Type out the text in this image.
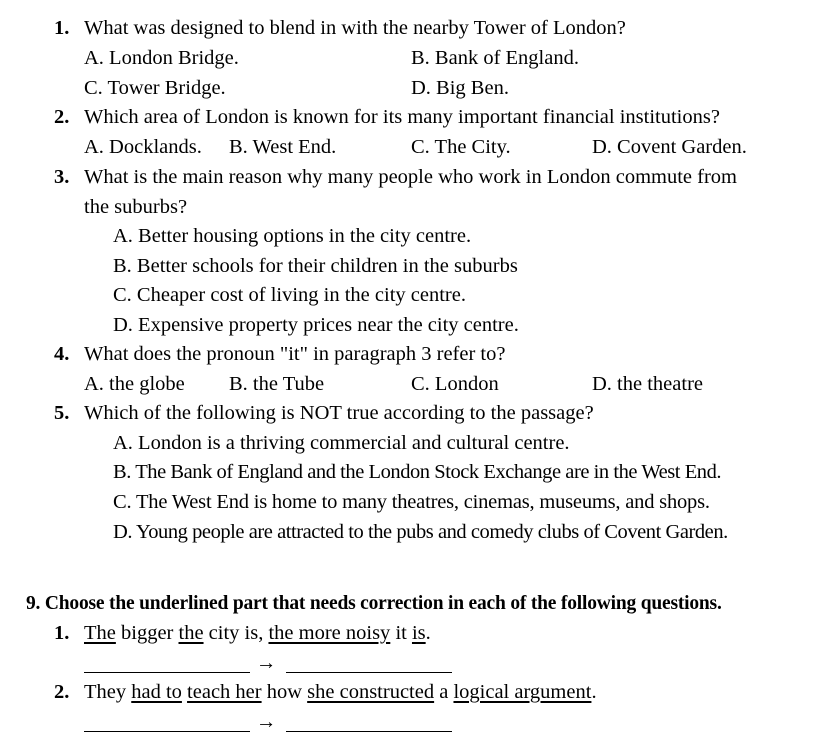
1. What was designed to blend in with the nearby Tower of London?
A. London Bridge.	B. Bank of England.
C. Tower Bridge.	D. Big Ben.
2. Which area of London is known for its many important financial institutions?
A. Docklands. B. West End.	C. The City.	D. Covent Garden.
3. What is the main reason why many people who work in London commute from
the suburbs?
A. Better housing options in the city centre.
B. Better schools for their children in the suburbs
C. Cheaper cost of living in the city centre.
D. Expensive property prices near the city centre.
4. What does the pronoun "it" in paragraph 3 refer to?
A. the globe B. the Tube	C. London	D. the theatre
5. Which of the following is NOT true according to the passage?
A. London is a thriving commercial and cultural centre.
B. The Bank of England and the London Stock Exchange are in the West End.
C. The West End is home to many theatres, cinemas, museums, and shops.
D. Young people are attracted to the pubs and comedy clubs of Covent Garden.
9. Choose the underlined part that needs correction in each of the following questions.
1. The bigger the city is, the more noisy it is.
→
2. They had to teach her how she constructed a logical argument.
→
